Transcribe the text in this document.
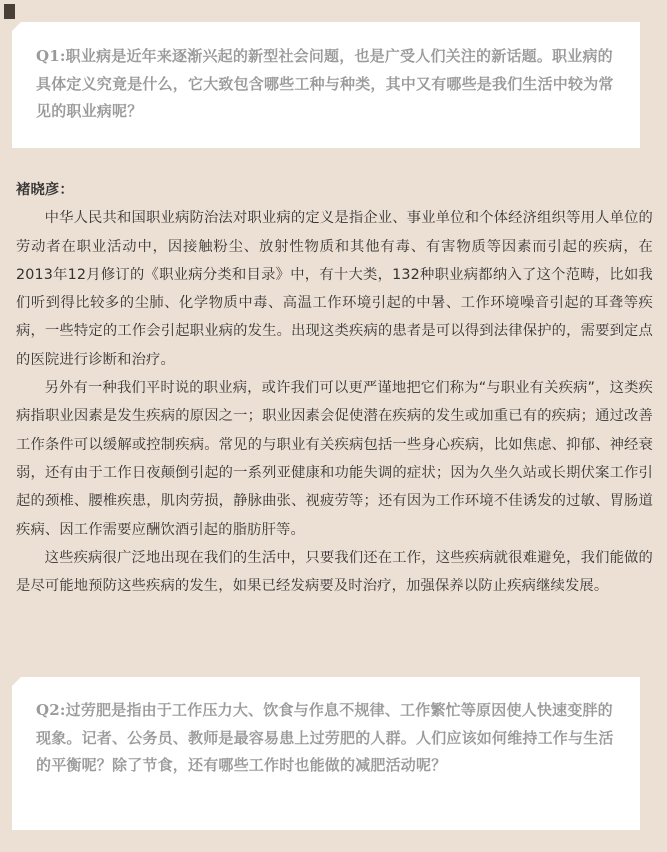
Q1:职业病是近年来逐渐兴起的新型社会问题，也是广受人们关注的新话题。职业病的具体定义究竟是什么，它大致包含哪些工种与种类，其中又有哪些是我们生活中较为常见的职业病呢？
褚晓彦：

中华人民共和国职业病防治法对职业病的定义是指企业、事业单位和个体经济组织等用人单位的劳动者在职业活动中，因接触粉尘、放射性物质和其他有毒、有害物质等因素而引起的疾病，在2013年12月修订的《职业病分类和目录》中，有十大类，132种职业病都纳入了这个范畴，比如我们听到得比较多的尘肺、化学物质中毒、高温工作环境引起的中暑、工作环境噪音引起的耳聋等疾病，一些特定的工作会引起职业病的发生。出现这类疾病的患者是可以得到法律保护的，需要到定点的医院进行诊断和治疗。

另外有一种我们平时说的职业病，或许我们可以更严谨地把它们称为“与职业有关疾病”，这类疾病指职业因素是发生疾病的原因之一；职业因素会促使潜在疾病的发生或加重已有的疾病；通过改善工作条件可以缓解或控制疾病。常见的与职业有关疾病包括一些身心疾病，比如焦虑、抑郁、神经衰弱，还有由于工作日夜颠倒引起的一系列亚健康和功能失调的症状；因为久坐久站或长期伏案工作引起的颈椎、腰椎疾患，肌肉劳损，静脉曲张、视疲劳等；还有因为工作环境不佳诱发的过敏、胃肠道疾病、因工作需要应酬饮酒引起的脂肪肝等。

这些疾病很广泛地出现在我们的生活中，只要我们还在工作，这些疾病就很难避免，我们能做的是尽可能地预防这些疾病的发生，如果已经发病要及时治疗，加强保养以防止疾病继续发展。

Q2:过劳肥是指由于工作压力大、饮食与作息不规律、工作繁忙等原因使人快速变胖的现象。记者、公务员、教师是最容易患上过劳肥的人群。人们应该如何维持工作与生活的平衡呢？除了节食，还有哪些工作时也能做的减肥活动呢？
